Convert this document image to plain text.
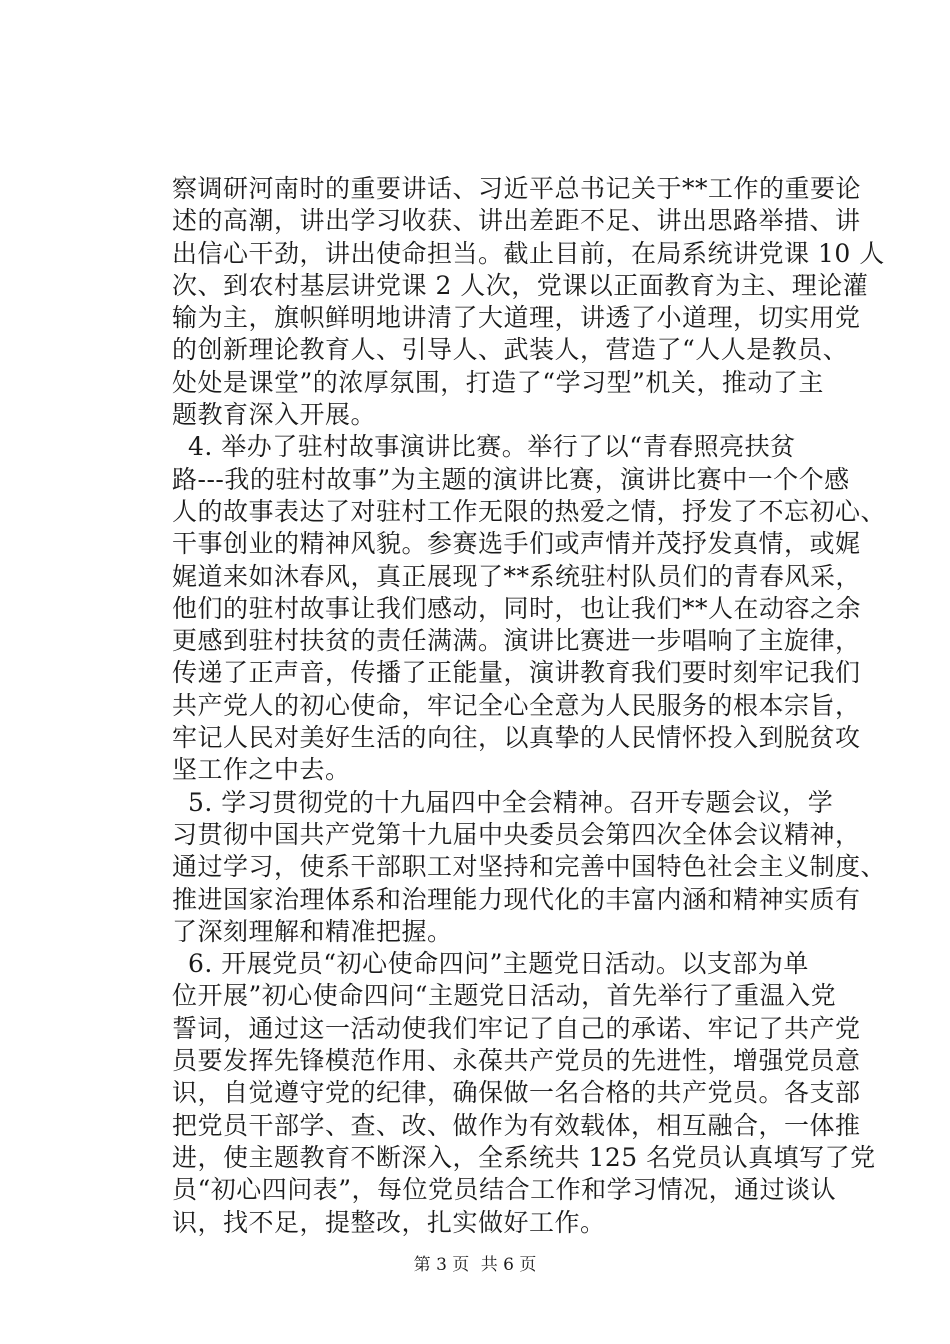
察调研河南时的重要讲话、习近平总书记关于**工作的重要论
述的高潮，讲出学习收获、讲出差距不足、讲出思路举措、讲
出信心干劲，讲出使命担当。截止目前，在局系统讲党课 10 人
次、到农村基层讲党课 2 人次，党课以正面教育为主、理论灌
输为主，旗帜鲜明地讲清了大道理，讲透了小道理，切实用党
的创新理论教育人、引导人、武装人，营造了“人人是教员、
处处是课堂”的浓厚氛围，打造了“学习型”机关，推动了主
题教育深入开展。
4. 举办了驻村故事演讲比赛。举行了以“青春照亮扶贫
路---我的驻村故事”为主题的演讲比赛，演讲比赛中一个个感
人的故事表达了对驻村工作无限的热爱之情，抒发了不忘初心、
干事创业的精神风貌。参赛选手们或声情并茂抒发真情，或娓
娓道来如沐春风，真正展现了**系统驻村队员们的青春风采，
他们的驻村故事让我们感动，同时，也让我们**人在动容之余
更感到驻村扶贫的责任满满。演讲比赛进一步唱响了主旋律，
传递了正声音，传播了正能量，演讲教育我们要时刻牢记我们
共产党人的初心使命，牢记全心全意为人民服务的根本宗旨，
牢记人民对美好生活的向往，以真挚的人民情怀投入到脱贫攻
坚工作之中去。
5. 学习贯彻党的十九届四中全会精神。召开专题会议，学
习贯彻中国共产党第十九届中央委员会第四次全体会议精神，
通过学习，使系干部职工对坚持和完善中国特色社会主义制度、
推进国家治理体系和治理能力现代化的丰富内涵和精神实质有
了深刻理解和精准把握。
6. 开展党员“初心使命四问”主题党日活动。以支部为单
位开展”初心使命四问“主题党日活动，首先举行了重温入党
誓词，通过这一活动使我们牢记了自己的承诺、牢记了共产党
员要发挥先锋模范作用、永葆共产党员的先进性，增强党员意
识，自觉遵守党的纪律，确保做一名合格的共产党员。各支部
把党员干部学、查、改、做作为有效载体，相互融合，一体推
进，使主题教育不断深入，全系统共 125 名党员认真填写了党
员“初心四问表”，每位党员结合工作和学习情况，通过谈认
识，找不足，提整改，扎实做好工作。
第 3 页 共 6 页
